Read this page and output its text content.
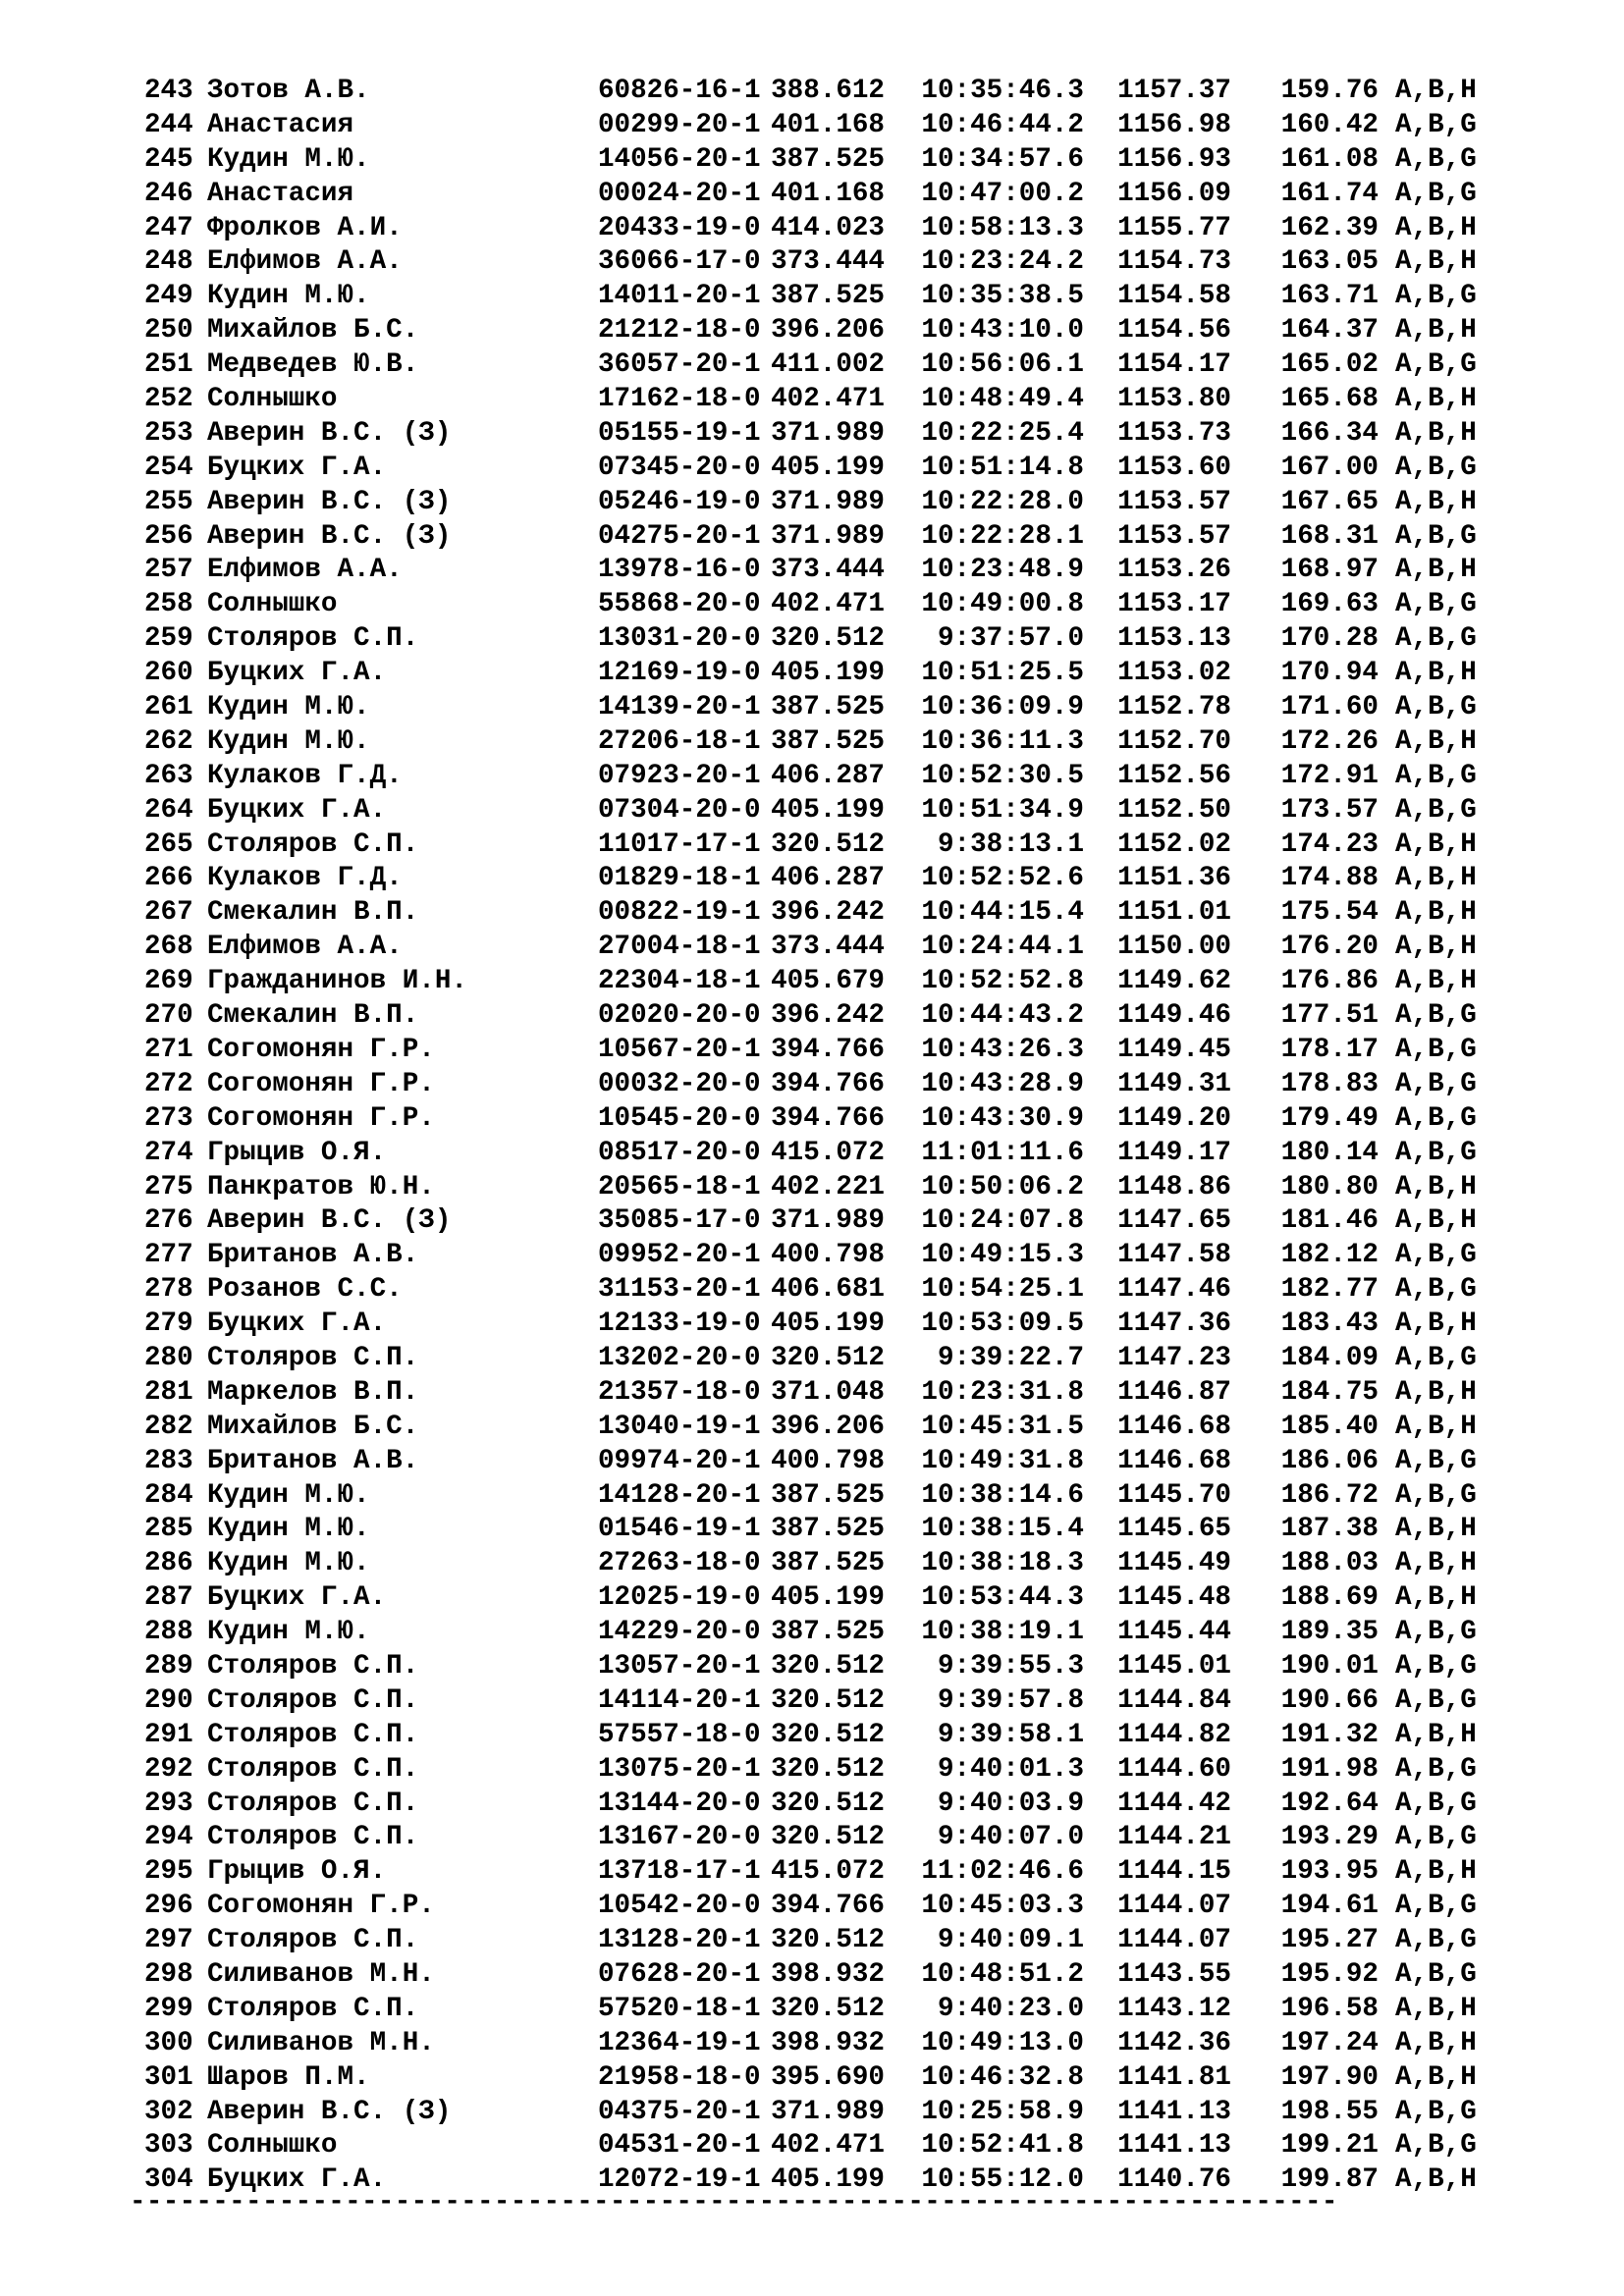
243 Зотов А.В.	60826-16-1 388.612 10:35:46.3 1157.37 159.76 A,B,H
244 Анастасия	00299-20-1 401.168 10:46:44.2 1156.98 160.42 A,B,G
245 Кудин М.Ю.	14056-20-1 387.525 10:34:57.6 1156.93 161.08 A,B,G
246 Анастасия	00024-20-1 401.168 10:47:00.2 1156.09 161.74 A,B,G
247 Фролков А.И.	20433-19-0 414.023 10:58:13.3 1155.77 162.39 A,B,H
248 Елфимов А.А.	36066-17-0 373.444 10:23:24.2 1154.73 163.05 A,B,H
249 Кудин М.Ю.	14011-20-1 387.525 10:35:38.5 1154.58 163.71 A,B,G
250 Михайлов Б.С.	21212-18-0 396.206 10:43:10.0 1154.56 164.37 A,B,H
251 Медведев Ю.В.	36057-20-1 411.002 10:56:06.1 1154.17 165.02 A,B,G
252 Солнышко	17162-18-0 402.471 10:48:49.4 1153.80 165.68 A,B,H
253 Аверин В.С. (З)	05155-19-1 371.989 10:22:25.4 1153.73 166.34 A,B,H
254 Буцких Г.А.	07345-20-0 405.199 10:51:14.8 1153.60 167.00 A,B,G
255 Аверин В.С. (З)	05246-19-0 371.989 10:22:28.0 1153.57 167.65 A,B,H
256 Аверин В.С. (З)	04275-20-1 371.989 10:22:28.1 1153.57 168.31 A,B,G
257 Елфимов А.А.	13978-16-0 373.444 10:23:48.9 1153.26 168.97 A,B,H
258 Солнышко	55868-20-0 402.471 10:49:00.8 1153.17 169.63 A,B,G
259 Столяров С.П.	13031-20-0 320.512 9:37:57.0 1153.13 170.28 A,B,G
260 Буцких Г.А.	12169-19-0 405.199 10:51:25.5 1153.02 170.94 A,B,H
261 Кудин М.Ю.	14139-20-1 387.525 10:36:09.9 1152.78 171.60 A,B,G
262 Кудин М.Ю.	27206-18-1 387.525 10:36:11.3 1152.70 172.26 A,B,H
263 Кулаков Г.Д.	07923-20-1 406.287 10:52:30.5 1152.56 172.91 A,B,G
264 Буцких Г.А.	07304-20-0 405.199 10:51:34.9 1152.50 173.57 A,B,G
265 Столяров С.П.	11017-17-1 320.512 9:38:13.1 1152.02 174.23 A,B,H
266 Кулаков Г.Д.	01829-18-1 406.287 10:52:52.6 1151.36 174.88 A,B,H
267 Смекалин В.П.	00822-19-1 396.242 10:44:15.4 1151.01 175.54 A,B,H
268 Елфимов А.А.	27004-18-1 373.444 10:24:44.1 1150.00 176.20 A,B,H
269 Гражданинов И.Н.	22304-18-1 405.679 10:52:52.8 1149.62 176.86 A,B,H
270 Смекалин В.П.	02020-20-0 396.242 10:44:43.2 1149.46 177.51 A,B,G
271 Согомонян Г.Р.	10567-20-1 394.766 10:43:26.3 1149.45 178.17 A,B,G
272 Согомонян Г.Р.	00032-20-0 394.766 10:43:28.9 1149.31 178.83 A,B,G
273 Согомонян Г.Р.	10545-20-0 394.766 10:43:30.9 1149.20 179.49 A,B,G
274 Грыцив О.Я.	08517-20-0 415.072 11:01:11.6 1149.17 180.14 A,B,G
275 Панкратов Ю.Н.	20565-18-1 402.221 10:50:06.2 1148.86 180.80 A,B,H
276 Аверин В.С. (З)	35085-17-0 371.989 10:24:07.8 1147.65 181.46 A,B,H
277 Британов А.В.	09952-20-1 400.798 10:49:15.3 1147.58 182.12 A,B,G
278 Розанов С.С.	31153-20-1 406.681 10:54:25.1 1147.46 182.77 A,B,G
279 Буцких Г.А.	12133-19-0 405.199 10:53:09.5 1147.36 183.43 A,B,H
280 Столяров С.П.	13202-20-0 320.512 9:39:22.7 1147.23 184.09 A,B,G
281 Маркелов В.П.	21357-18-0 371.048 10:23:31.8 1146.87 184.75 A,B,H
282 Михайлов Б.С.	13040-19-1 396.206 10:45:31.5 1146.68 185.40 A,B,H
283 Британов А.В.	09974-20-1 400.798 10:49:31.8 1146.68 186.06 A,B,G
284 Кудин М.Ю.	14128-20-1 387.525 10:38:14.6 1145.70 186.72 A,B,G
285 Кудин М.Ю.	01546-19-1 387.525 10:38:15.4 1145.65 187.38 A,B,H
286 Кудин М.Ю.	27263-18-0 387.525 10:38:18.3 1145.49 188.03 A,B,H
287 Буцких Г.А.	12025-19-0 405.199 10:53:44.3 1145.48 188.69 A,B,H
288 Кудин М.Ю.	14229-20-0 387.525 10:38:19.1 1145.44 189.35 A,B,G
289 Столяров С.П.	13057-20-1 320.512 9:39:55.3 1145.01 190.01 A,B,G
290 Столяров С.П.	14114-20-1 320.512 9:39:57.8 1144.84 190.66 A,B,G
291 Столяров С.П.	57557-18-0 320.512 9:39:58.1 1144.82 191.32 A,B,H
292 Столяров С.П.	13075-20-1 320.512 9:40:01.3 1144.60 191.98 A,B,G
293 Столяров С.П.	13144-20-0 320.512 9:40:03.9 1144.42 192.64 A,B,G
294 Столяров С.П.	13167-20-0 320.512 9:40:07.0 1144.21 193.29 A,B,G
295 Грыцив О.Я.	13718-17-1 415.072 11:02:46.6 1144.15 193.95 A,B,H
296 Согомонян Г.Р.	10542-20-0 394.766 10:45:03.3 1144.07 194.61 A,B,G
297 Столяров С.П.	13128-20-1 320.512 9:40:09.1 1144.07 195.27 A,B,G
298 Силиванов М.Н.	07628-20-1 398.932 10:48:51.2 1143.55 195.92 A,B,G
299 Столяров С.П.	57520-18-1 320.512 9:40:23.0 1143.12 196.58 A,B,H
300 Силиванов М.Н.	12364-19-1 398.932 10:49:13.0 1142.36 197.24 A,B,H
301 Шаров П.М.	21958-18-0 395.690 10:46:32.8 1141.81 197.90 A,B,H
302 Аверин В.С. (З)	04375-20-1 371.989 10:25:58.9 1141.13 198.55 A,B,G
303 Солнышко	04531-20-1 402.471 10:52:41.8 1141.13 199.21 A,B,G
304 Буцких Г.А.	12072-19-1 405.199 10:55:12.0 1140.76 199.87 A,B,H
-------------------------------------------------------------------------
